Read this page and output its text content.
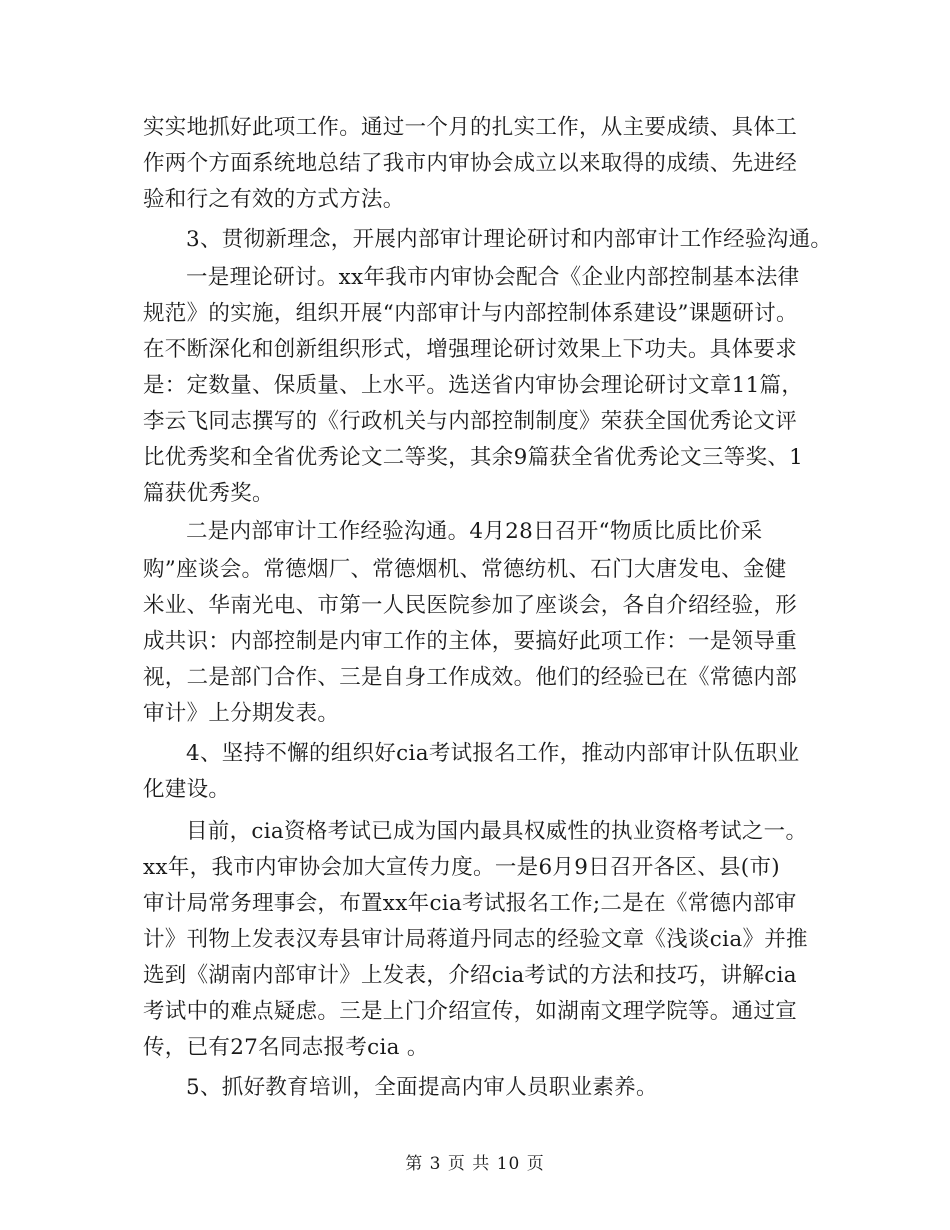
实实地抓好此项工作。通过一个月的扎实工作，从主要成绩、具体工
作两个方面系统地总结了我市内审协会成立以来取得的成绩、先进经
验和行之有效的方式方法。
3、贯彻新理念，开展内部审计理论研讨和内部审计工作经验沟通。
一是理论研讨。xx年我市内审协会配合《企业内部控制基本法律
规范》的实施，组织开展“内部审计与内部控制体系建设”课题研讨。
在不断深化和创新组织形式，增强理论研讨效果上下功夫。具体要求
是：定数量、保质量、上水平。选送省内审协会理论研讨文章11篇，
李云飞同志撰写的《行政机关与内部控制制度》荣获全国优秀论文评
比优秀奖和全省优秀论文二等奖，其余9篇获全省优秀论文三等奖、1
篇获优秀奖。
二是内部审计工作经验沟通。4月28日召开“物质比质比价采
购”座谈会。常德烟厂、常德烟机、常德纺机、石门大唐发电、金健
米业、华南光电、市第一人民医院参加了座谈会，各自介绍经验，形
成共识：内部控制是内审工作的主体，要搞好此项工作：一是领导重
视，二是部门合作、三是自身工作成效。他们的经验已在《常德内部
审计》上分期发表。
4、坚持不懈的组织好cia考试报名工作，推动内部审计队伍职业
化建设。
目前，cia资格考试已成为国内最具权威性的执业资格考试之一。
xx年，我市内审协会加大宣传力度。一是6月9日召开各区、县(市)
审计局常务理事会，布置xx年cia考试报名工作;二是在《常德内部审
计》刊物上发表汉寿县审计局蒋道丹同志的经验文章《浅谈cia》并推
选到《湖南内部审计》上发表，介绍cia考试的方法和技巧，讲解cia
考试中的难点疑虑。三是上门介绍宣传，如湖南文理学院等。通过宣
传，已有27名同志报考cia 。
5、抓好教育培训，全面提高内审人员职业素养。
第 3 页 共 10 页
